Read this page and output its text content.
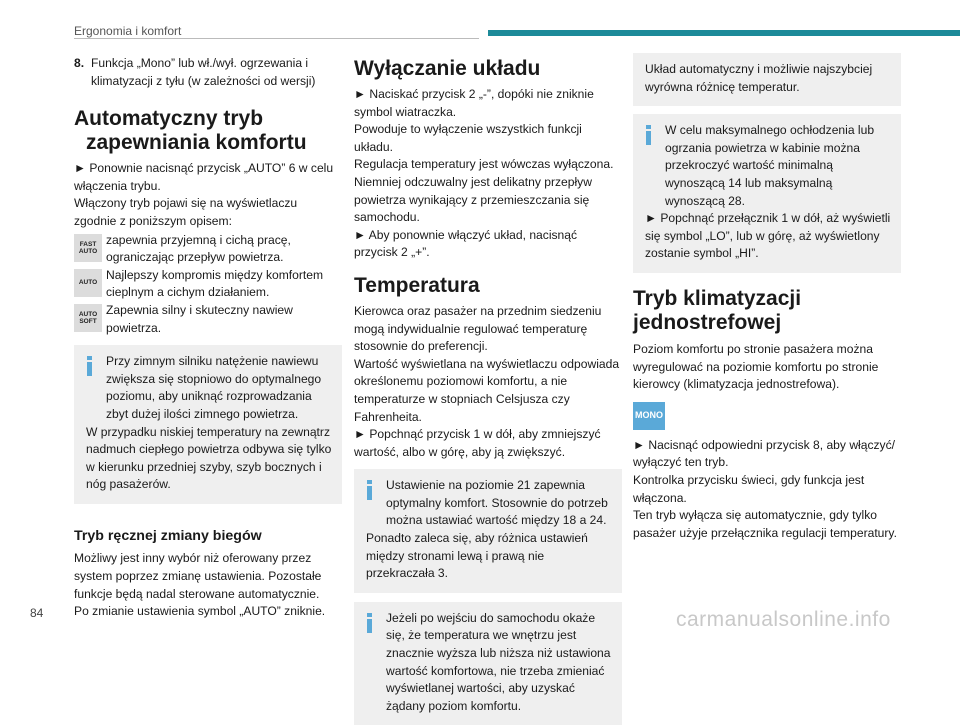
Ergonomia i komfort
8. Funkcja „Mono” lub wł./wył. ogrzewania i klimatyzacji z tyłu (w zależności od wersji)
Automatyczny tryb
zapewniania komfortu

► Ponownie nacisnąć przycisk „AUTO” 6 w celu włączenia trybu.

Włączony tryb pojawi się na wyświetlaczu zgodnie z poniższym opisem:

FAST
AUTO

zapewnia przyjemną i cichą pracę, ograniczając przepływ powietrza.

AUTO

Najlepszy kompromis między komfortem cieplnym a cichym działaniem.

AUTO
SOFT

Zapewnia silny i skuteczny nawiew powietrza.

Przy zimnym silniku natężenie nawiewu zwiększa się stopniowo do optymalnego poziomu, aby uniknąć rozprowadzania zbyt dużej ilości zimnego powietrza.

W przypadku niskiej temperatury na zewnątrz nadmuch ciepłego powietrza odbywa się tylko w kierunku przedniej szyby, szyb bocznych i nóg pasażerów.

Tryb ręcznej zmiany biegów

Możliwy jest inny wybór niż oferowany przez system poprzez zmianę ustawienia. Pozostałe funkcje będą nadal sterowane automatycznie.

Po zmianie ustawienia symbol „AUTO” zniknie.

Wyłączanie układu

► Naciskać przycisk 2 „-”, dopóki nie zniknie symbol wiatraczka.

Powoduje to wyłączenie wszystkich funkcji układu.

Regulacja temperatury jest wówczas wyłączona. Niemniej odczuwalny jest delikatny przepływ powietrza wynikający z przemieszczania się samochodu.

► Aby ponownie włączyć układ, nacisnąć przycisk 2 „+”.

Temperatura

Kierowca oraz pasażer na przednim siedzeniu mogą indywidualnie regulować temperaturę stosownie do preferencji.

Wartość wyświetlana na wyświetlaczu odpowiada określonemu poziomowi komfortu, a nie temperaturze w stopniach Celsjusza czy Fahrenheita.

► Popchnąć przycisk 1 w dół, aby zmniejszyć wartość, albo w górę, aby ją zwiększyć.

Ustawienie na poziomie 21 zapewnia optymalny komfort. Stosownie do potrzeb można ustawiać wartość między 18 a 24.

Ponadto zaleca się, aby różnica ustawień między stronami lewą i prawą nie przekraczała 3.

Jeżeli po wejściu do samochodu okaże się, że temperatura we wnętrzu jest znacznie wyższa lub niższa niż ustawiona wartość komfortowa, nie trzeba zmieniać wyświetlanej wartości, aby uzyskać żądany poziom komfortu.

Układ automatyczny i możliwie najszybciej wyrówna różnicę temperatur.

W celu maksymalnego ochłodzenia lub ogrzania powietrza w kabinie można przekroczyć wartość minimalną wynoszącą 14 lub maksymalną wynoszącą 28.

► Popchnąć przełącznik 1 w dół, aż wyświetli się symbol „LO”, lub w górę, aż wyświetlony zostanie symbol „HI”.

Tryb klimatyzacji
jednostrefowej

Poziom komfortu po stronie pasażera można wyregulować na poziomie komfortu po stronie kierowcy (klimatyzacja jednostrefowa).

MONO

► Nacisnąć odpowiedni przycisk 8, aby włączyć/ wyłączyć ten tryb.

Kontrolka przycisku świeci, gdy funkcja jest włączona.

Ten tryb wyłącza się automatycznie, gdy tylko pasażer użyje przełącznika regulacji temperatury.

84	carmanualsonline.info
